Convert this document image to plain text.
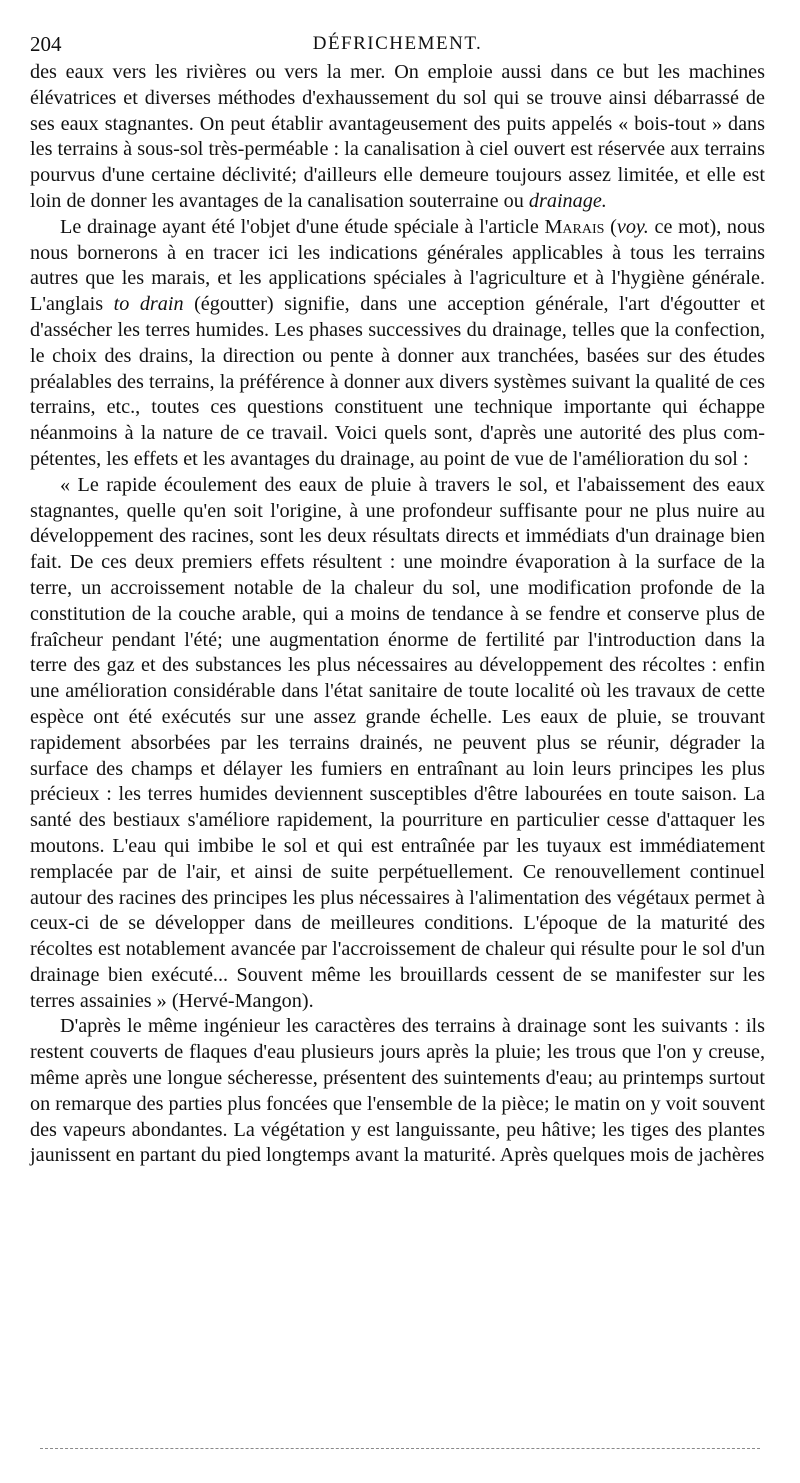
204	DÉFRICHEMENT.

des eaux vers les rivières ou vers la mer. On emploie aussi dans ce but les machines élévatrices et diverses méthodes d'exhaussement du sol qui se trouve ainsi débarrassé de ses eaux stagnantes. On peut établir avantageusement des puits appelés « bois-tout » dans les terrains à sous-sol très-perméable : la canalisation à ciel ouvert est réservée aux terrains pourvus d'une certaine déclivité; d'ailleurs elle demeure toujours assez limitée, et elle est loin de donner les avantages de la canalisation souterraine ou drainage.

Le drainage ayant été l'objet d'une étude spéciale à l'article Marais (voy. ce mot), nous nous bornerons à en tracer ici les indications générales applicables à tous les terrains autres que les marais, et les applications spéciales à l'agriculture et à l'hygiène générale. L'anglais to drain (égoutter) signifie, dans une acception générale, l'art d'égoutter et d'assécher les terres humides. Les phases successives du drainage, telles que la confection, le choix des drains, la direction ou pente à donner aux tranchées, basées sur des études préalables des terrains, la préférence à donner aux divers systèmes suivant la qualité de ces terrains, etc., toutes ces questions constituent une technique importante qui échappe néanmoins à la nature de ce travail. Voici quels sont, d'après une autorité des plus compétentes, les effets et les avantages du drainage, au point de vue de l'amélioration du sol :

« Le rapide écoulement des eaux de pluie à travers le sol, et l'abaissement des eaux stagnantes, quelle qu'en soit l'origine, à une profondeur suffisante pour ne plus nuire au développement des racines, sont les deux résultats directs et immédiats d'un drainage bien fait. De ces deux premiers effets résultent : une moindre évaporation à la surface de la terre, un accroissement notable de la chaleur du sol, une modification profonde de la constitution de la couche arable, qui a moins de tendance à se fendre et conserve plus de fraîcheur pendant l'été; une augmentation énorme de fertilité par l'introduction dans la terre des gaz et des substances les plus nécessaires au développement des récoltes : enfin une amélioration considérable dans l'état sanitaire de toute localité où les travaux de cette espèce ont été exécutés sur une assez grande échelle. Les eaux de pluie, se trouvant rapidement absorbées par les terrains drainés, ne peuvent plus se réunir, dégrader la surface des champs et délayer les fumiers en entraînant au loin leurs principes les plus précieux : les terres humides deviennent susceptibles d'être labourées en toute saison. La santé des bestiaux s'améliore rapidement, la pourriture en particulier cesse d'attaquer les moutons. L'eau qui imbibe le sol et qui est entraînée par les tuyaux est immédiatement remplacée par de l'air, et ainsi de suite perpétuellement. Ce renouvellement continuel autour des racines des principes les plus nécessaires à l'alimentation des végétaux permet à ceux-ci de se développer dans de meilleures conditions. L'époque de la maturité des récoltes est notablement avancée par l'accroissement de chaleur qui résulte pour le sol d'un drainage bien exécuté... Souvent même les brouillards cessent de se manifester sur les terres assainies » (Hervé-Mangon).

D'après le même ingénieur les caractères des terrains à drainage sont les suivants : ils restent couverts de flaques d'eau plusieurs jours après la pluie; les trous que l'on y creuse, même après une longue sécheresse, présentent des suintements d'eau; au printemps surtout on remarque des parties plus foncées que l'ensemble de la pièce; le matin on y voit souvent des vapeurs abondantes. La végétation y est languissante, peu hâtive; les tiges des plantes jaunissent en partant du pied longtemps avant la maturité. Après quelques mois de jachères
